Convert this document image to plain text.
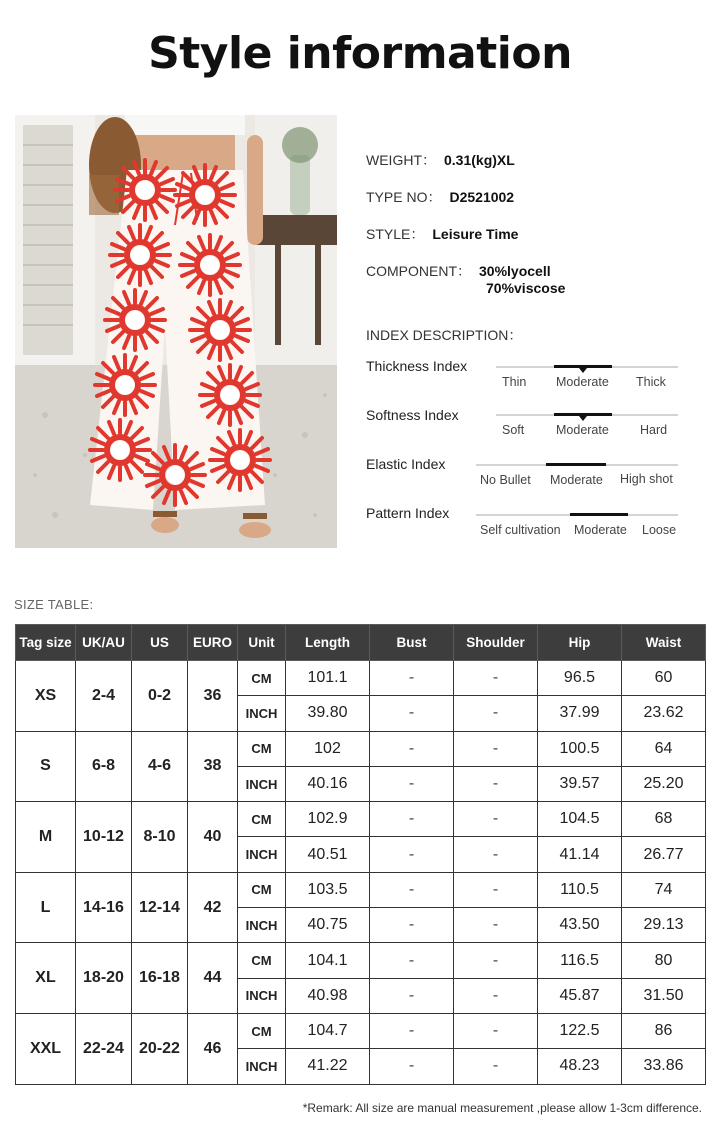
Style information
WEIGHT： 0.31(kg)XL
TYPE NO： D2521002
STYLE： Leisure Time
COMPONENT： 30%lyocell
70%viscose
INDEX DESCRIPTION：
Thickness Index
Thin Moderate Thick
Softness Index
Soft	Moderate Hard
Elastic Index
No Bullet Moderate High shot
Pattern Index
Self cultivation Moderate Loose
SIZE TABLE:
Tag size	UK/AU	US	EURO	Unit	Length	Bust	Shoulder	Hip	Waist
XS	2-4	0-2	36	CM	101.1	-	-	96.5	60
				INCH	39.80	-	-	37.99	23.62
S	6-8	4-6	38	CM	102	-	-	100.5	64
				INCH	40.16	-	-	39.57	25.20
M	10-12	8-10	40	CM	102.9	-	-	104.5	68
				INCH	40.51	-	-	41.14	26.77
L	14-16	12-14	42	CM	103.5	-	-	110.5	74
				INCH	40.75	-	-	43.50	29.13
XL	18-20	16-18	44	CM	104.1	-	-	116.5	80
				INCH	40.98	-	-	45.87	31.50
XXL	22-24	20-22	46	CM	104.7	-	-	122.5	86
				INCH	41.22	-	-	48.23	33.86
*Remark: All size are manual measurement ,please allow 1-3cm difference.
